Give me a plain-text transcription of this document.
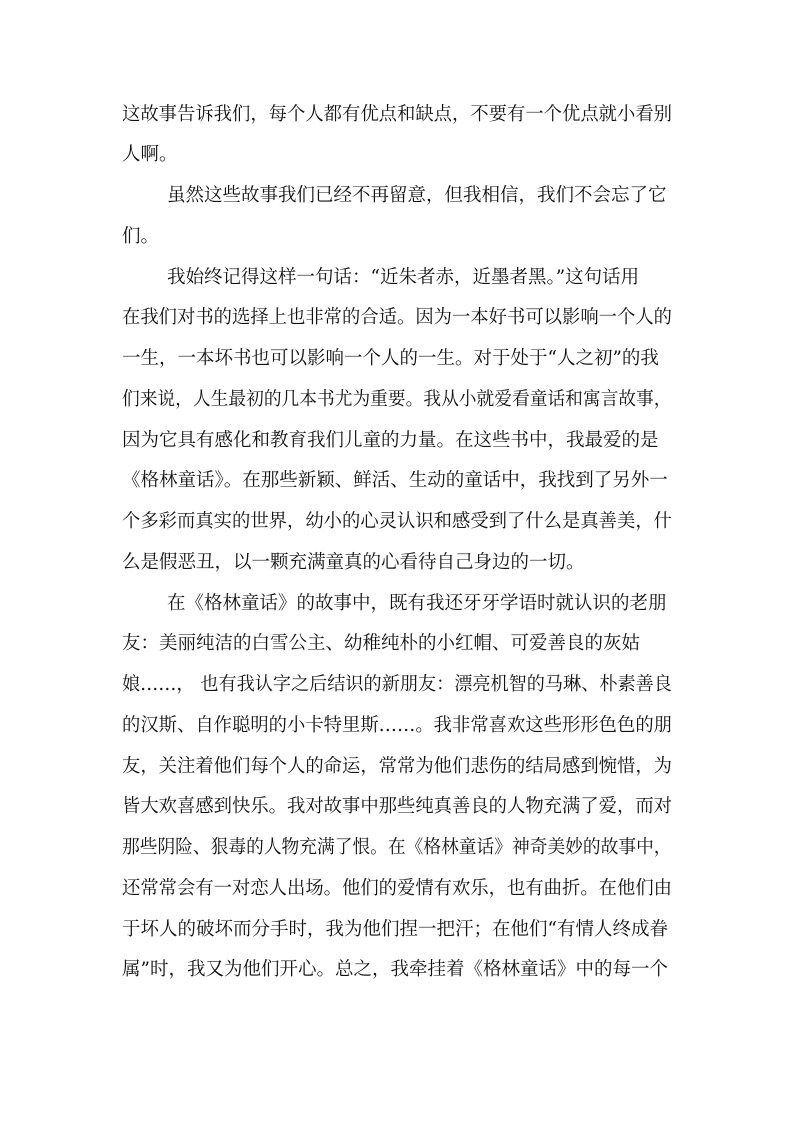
这故事告诉我们，每个人都有优点和缺点，不要有一个优点就小看别
人啊。
虽然这些故事我们已经不再留意，但我相信，我们不会忘了它
们。
我始终记得这样一句话：“近朱者赤，近墨者黑。”这句话用
在我们对书的选择上也非常的合适。因为一本好书可以影响一个人的
一生，一本坏书也可以影响一个人的一生。对于处于“人之初”的我
们来说，人生最初的几本书尤为重要。我从小就爱看童话和寓言故事，
因为它具有感化和教育我们儿童的力量。在这些书中，我最爱的是
《格林童话》。在那些新颖、鲜活、生动的童话中，我找到了另外一
个多彩而真实的世界，幼小的心灵认识和感受到了什么是真善美，什
么是假恶丑，以一颗充满童真的心看待自己身边的一切。
在《格林童话》的故事中，既有我还牙牙学语时就认识的老朋
友：美丽纯洁的白雪公主、幼稚纯朴的小红帽、可爱善良的灰姑
娘……， 也有我认字之后结识的新朋友：漂亮机智的马琳、朴素善良
的汉斯、自作聪明的小卡特里斯……。我非常喜欢这些形形色色的朋
友，关注着他们每个人的命运，常常为他们悲伤的结局感到惋惜，为
皆大欢喜感到快乐。我对故事中那些纯真善良的人物充满了爱，而对
那些阴险、狠毒的人物充满了恨。在《格林童话》神奇美妙的故事中，
还常常会有一对恋人出场。他们的爱情有欢乐，也有曲折。在他们由
于坏人的破坏而分手时，我为他们捏一把汗；在他们“有情人终成眷
属”时，我又为他们开心。总之，我牵挂着《格林童话》中的每一个
